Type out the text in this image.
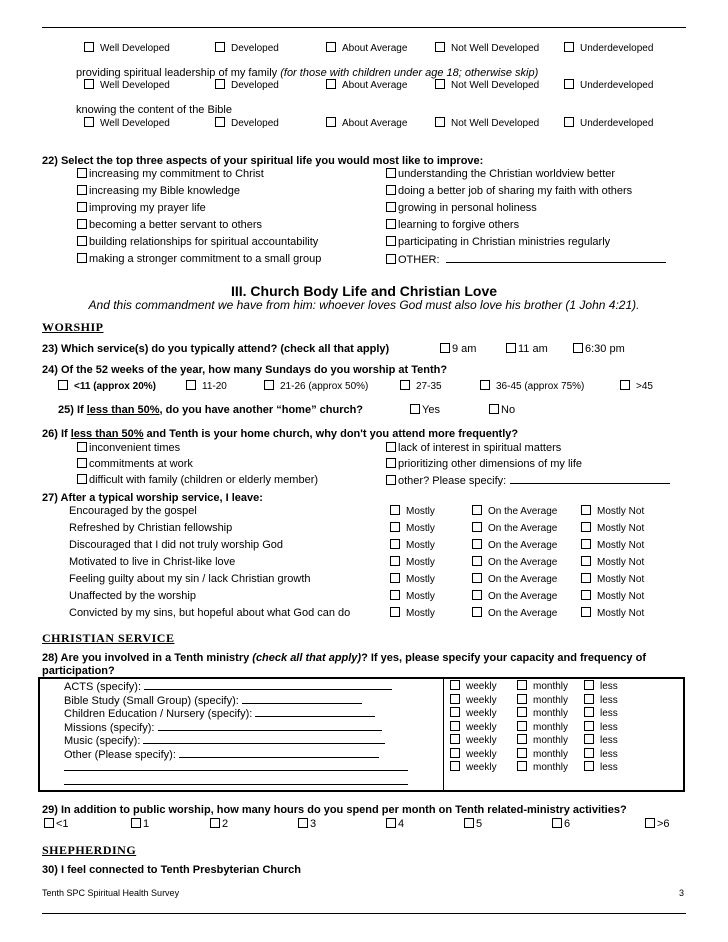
Well Developed	Developed	About Average	Not Well Developed	Underdeveloped
Well Developed	Developed	About Average	Not Well Developed	Underdeveloped
Well Developed	Developed	About Average	Not Well Developed	Underdeveloped
providing spiritual leadership of my family (for those with children under age 18; otherwise skip)
knowing the content of the Bible
22) Select the top three aspects of your spiritual life you would most like to improve:
increasing my commitment to Christ
increasing my Bible knowledge
improving my prayer life
becoming a better servant to others
building relationships for spiritual accountability
making a stronger commitment to a small group
understanding the Christian worldview better
doing a better job of sharing my faith with others
growing in personal holiness
learning to forgive others
participating in Christian ministries regularly
OTHER:
III. Church Body Life and Christian Love
And this commandment we have from him: whoever loves God must also love his brother (1 John 4:21).
WORSHIP
23) Which service(s) do you typically attend? (check all that apply)	9 am	11 am	6:30 pm
24) Of the 52 weeks of the year, how many Sundays do you worship at Tenth?
<11 (approx 20%)	11-20	21-26 (approx 50%)	27-35	36-45 (approx 75%)	>45
25) If less than 50%, do you have another “home” church?	Yes	No
26) If less than 50% and Tenth is your home church, why don't you attend more frequently?
inconvenient times
commitments at work
difficult with family (children or elderly member)
lack of interest in spiritual matters
prioritizing other dimensions of my life
other? Please specify:
27) After a typical worship service, I leave:
Encouraged by the gospel	Mostly	On the Average	Mostly Not
Refreshed by Christian fellowship	Mostly	On the Average	Mostly Not
Discouraged that I did not truly worship God	Mostly	On the Average	Mostly Not
Motivated to live in Christ-like love	Mostly	On the Average	Mostly Not
Feeling guilty about my sin / lack Christian growth	Mostly	On the Average	Mostly Not
Unaffected by the worship	Mostly	On the Average	Mostly Not
Convicted by my sins, but hopeful about what God can do	Mostly	On the Average	Mostly Not
CHRISTIAN SERVICE
28) Are you involved in a Tenth ministry (check all that apply)? If yes, please specify your capacity and frequency of
participation?
ACTS (specify):	weekly	monthly	less
Bible Study (Small Group) (specify):	weekly	monthly	less
Children Education / Nursery (specify):	weekly	monthly	less
Missions (specify):	weekly	monthly	less
Music (specify):	weekly	monthly	less
Other (Please specify):	weekly	monthly	less
weekly	monthly	less
29) In addition to public worship, how many hours do you spend per month on Tenth related-ministry activities?
<1	1	2	3	4	5	6	>6
SHEPHERDING
30) I feel connected to Tenth Presbyterian Church
Tenth SPC Spiritual Health Survey	3
